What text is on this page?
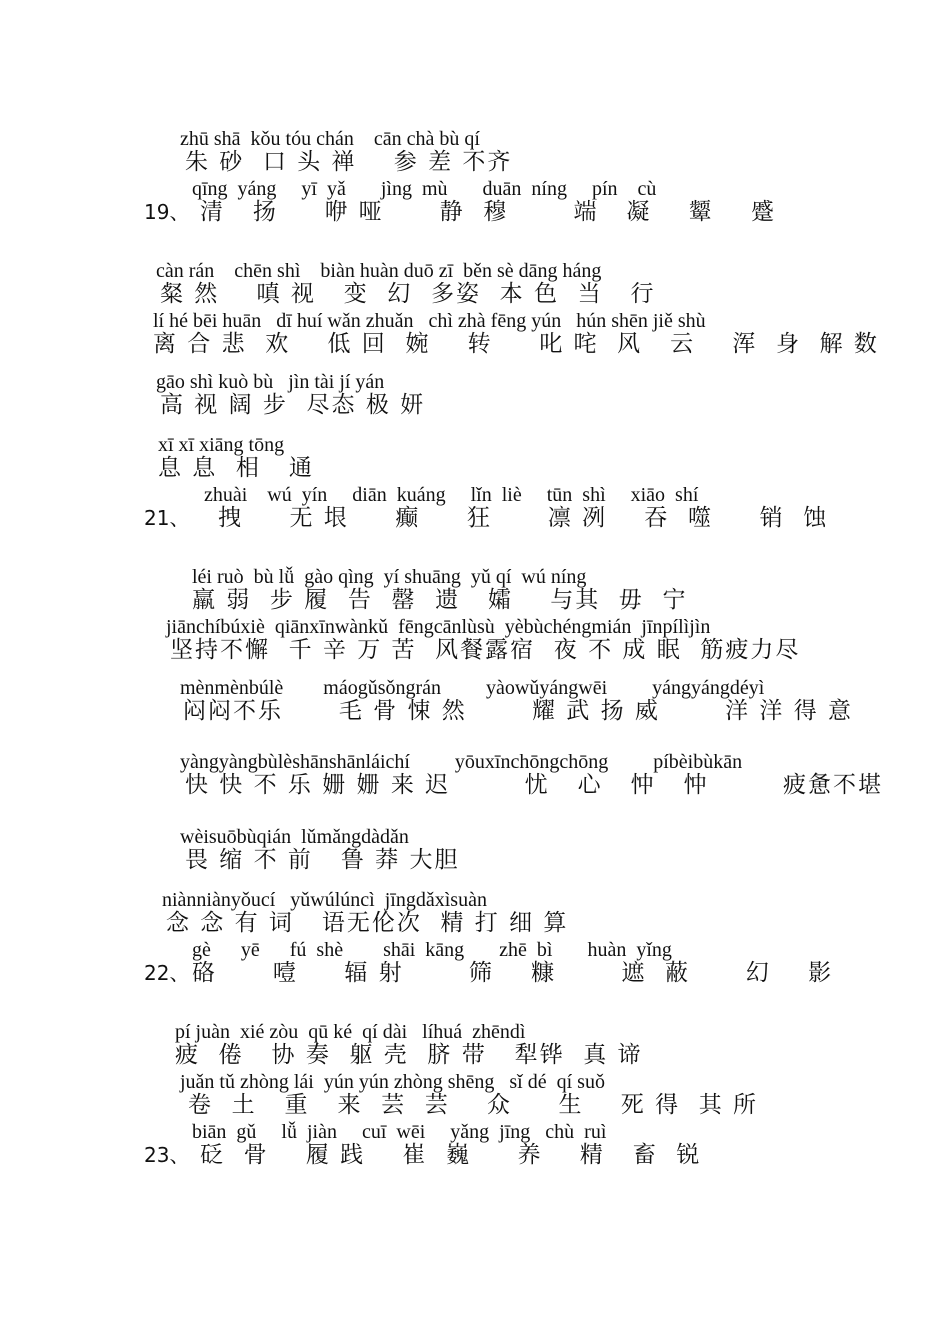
zhū shā  kǒu tóu chán    cān chà bù qí
朱 砂  口 头 禅    参 差 不齐
qīng  yáng     yī  yǎ       jìng  mù       duān  níng     pín    cù
19、 清   扬     咿 哑      静  穆       端   凝    颦    蹙
càn rán    chēn shì    biàn huàn duō zī  běn sè dāng háng
粲 然    嗔 视   变  幻  多姿  本 色  当   行
lí hé bēi huān   dī huí wǎn zhuǎn   chì zhà fēng yún   hún shēn jiě shù
离 合 悲  欢    低 回  婉    转     叱 咤  风   云    浑  身  解 数
gāo shì kuò bù   jìn tài jí yán
高 视 阔 步  尽态 极 妍
xī xī xiāng tōng
息 息  相   通
zhuài    wú  yín     diān  kuáng     lǐn  liè     tūn  shì     xiāo  shí
21、 拽     无 垠     癫     狂      凛 冽    吞  噬     销  蚀
léi ruò  bù lǚ  gào qìng  yí shuāng  yǔ qí  wú níng
羸 弱  步 履  告  罄  遗   孀    与其  毋  宁
jiānchíbúxiè  qiānxīnwànkǔ  fēngcānlùsù  yèbùchéngmián  jīnpílìjìn
坚持不懈  千 辛 万 苦  风餐露宿  夜 不 成 眠  筋疲力尽
mènmènbúlè        máogǔsǒngrán         yàowǔyángwēi         yángyángdéyì
闷闷不乐      毛 骨 悚 然       耀 武 扬 威       洋 洋 得 意
yàngyàngbùlèshānshānláichí         yōuxīnchōngchōng         píbèibùkān
快 快 不 乐 姗 姗 来 迟        忧   心   忡   忡        疲惫不堪
wèisuōbùqián  lǔmǎngdàdǎn
畏 缩 不 前   鲁 莽 大胆
niànniànyǒucí   yǔwúlúncì  jīngdǎxìsuàn
念 念 有 词   语无伦次  精 打 细 算
gè      yē      fú  shè        shāi  kāng       zhē  bì       huàn  yǐng
22、 硌      噎     辐 射       筛    糠       遮  蔽      幻    影
pí juàn  xié zòu  qū ké  qí dài   líhuá  zhēndì
疲  倦   协 奏  躯 壳  脐 带   犁铧  真 谛
juǎn tǔ zhòng lái  yún yún zhòng shēng   sǐ dé  qí suǒ
卷  土   重   来  芸  芸    众     生    死 得  其 所
biān  gǔ     lǚ  jiàn     cuī  wēi     yǎng  jīng   chù  ruì
23、 砭  骨    履 践    崔  巍     养    精   畜  锐
